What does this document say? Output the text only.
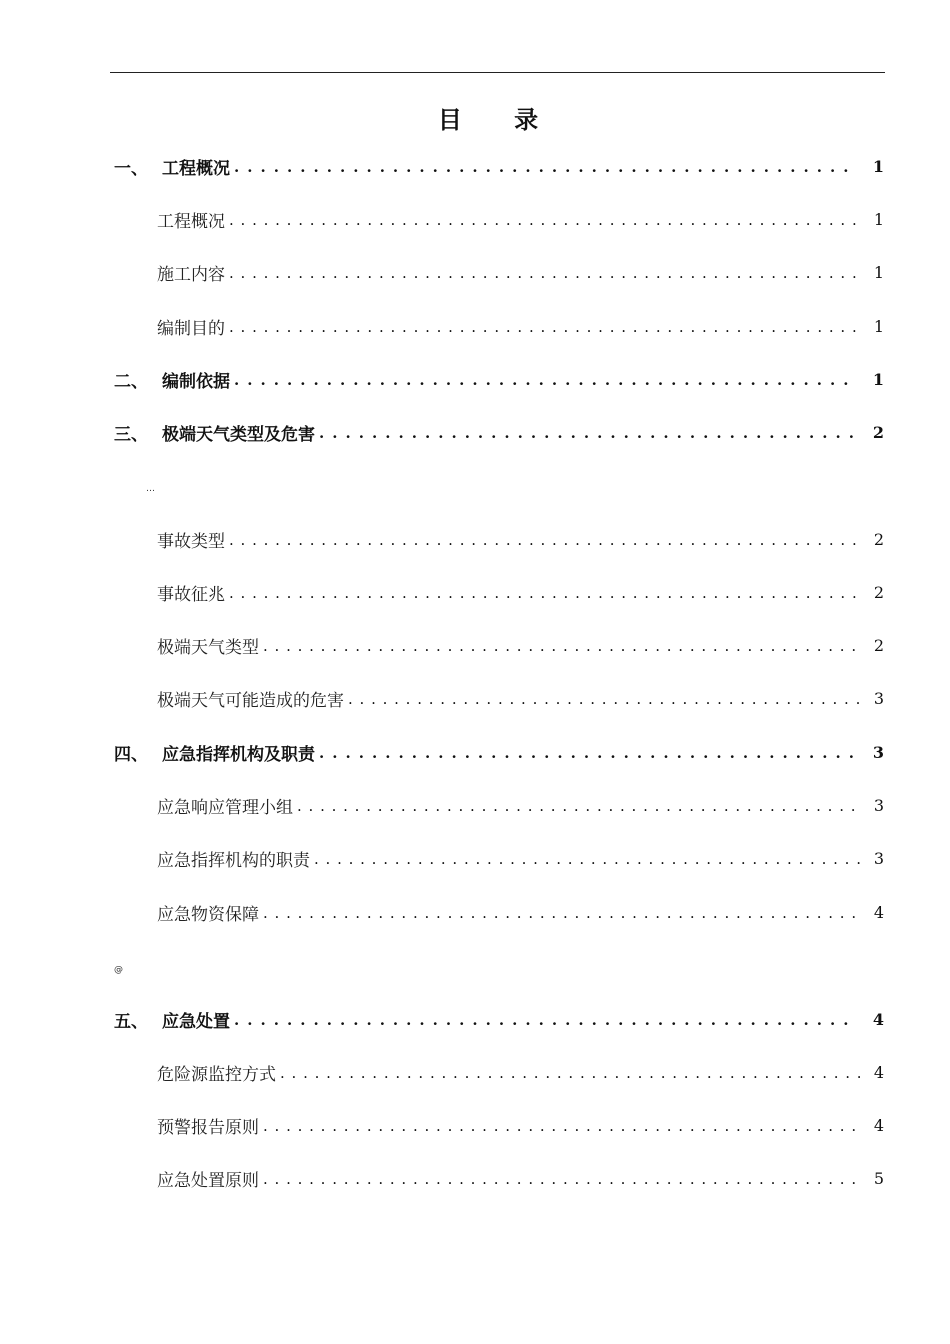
目 录
一、 工程概况 . . .	1
工程概况 . . .	1
施工内容 . . .	1
编制目的 . . .	1
二、 编制依据 . . .	1
三、 极端天气类型及危害 . . .	2
…
事故类型 . . .	2
事故征兆 . . .	2
极端天气类型 . . .	2
极端天气可能造成的危害 . . .	3
四、 应急指挥机构及职责 . . .	3
应急响应管理小组 . . .	3
应急指挥机构的职责 . . .	3
应急物资保障 . . .	4
@
五、 应急处置 . . .	4
危险源监控方式 . . .	4
预警报告原则 . . .	4
应急处置原则 . . .	5
